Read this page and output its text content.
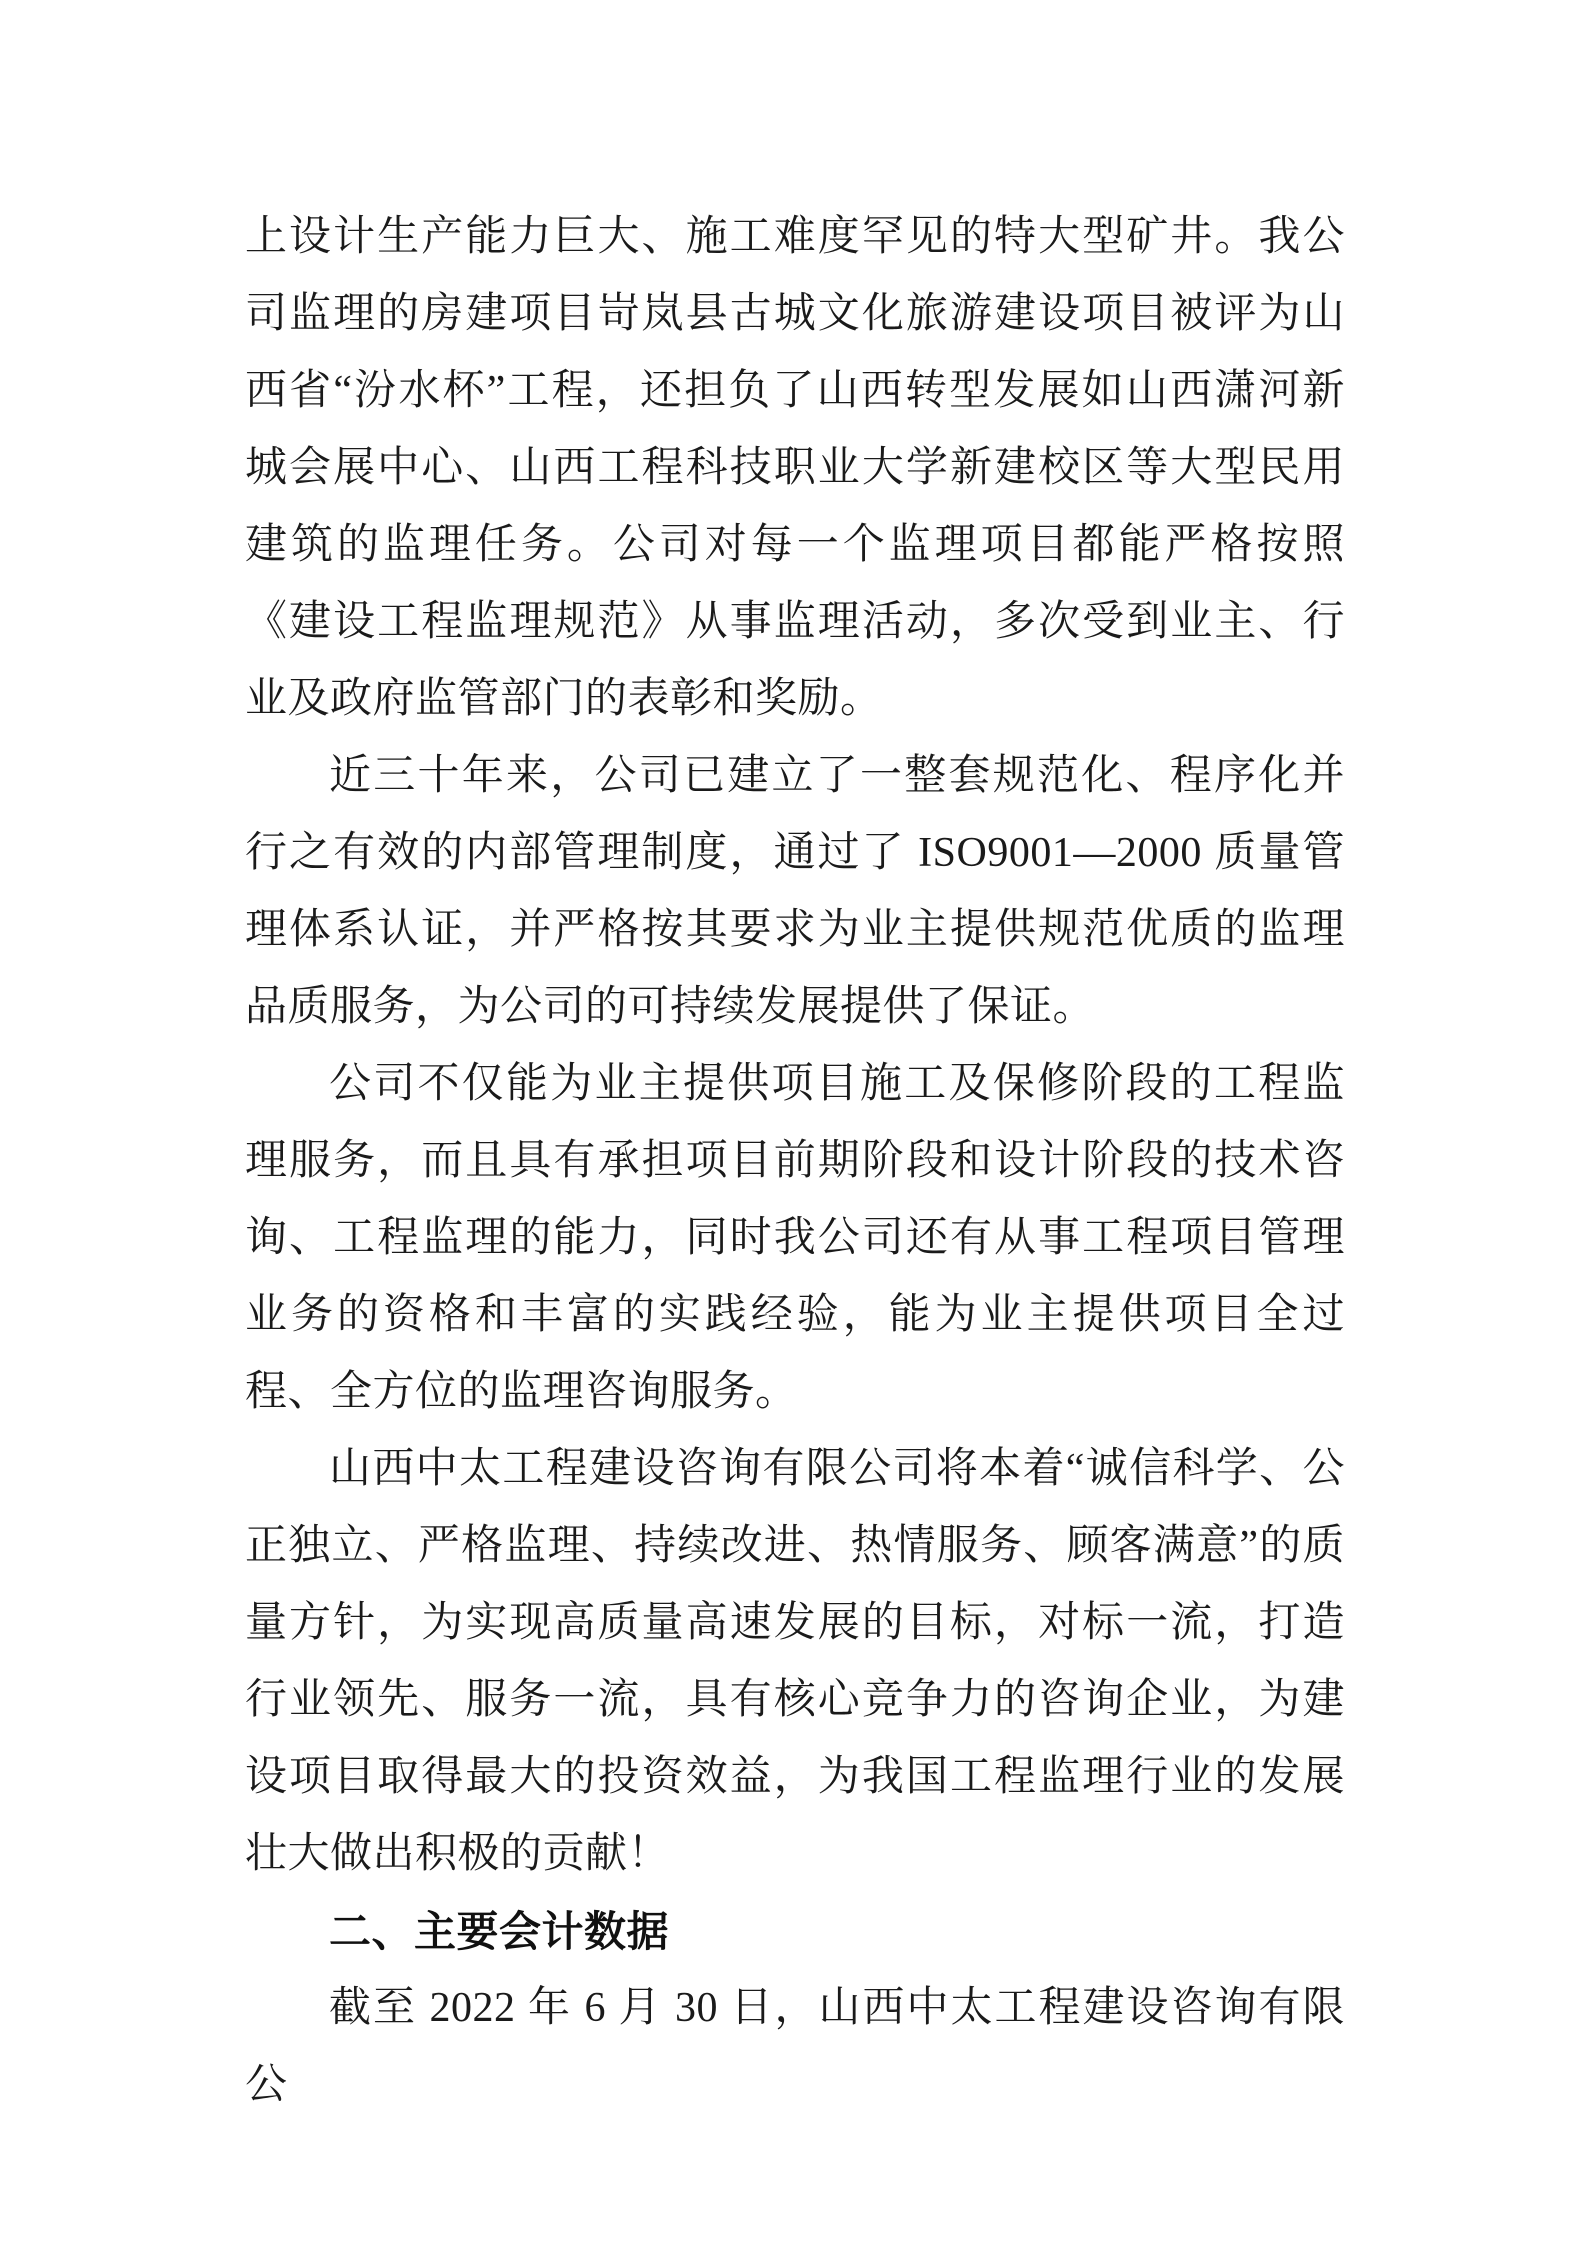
上设计生产能力巨大、施工难度罕见的特大型矿井。我公司监理的房建项目岢岚县古城文化旅游建设项目被评为山西省“汾水杯”工程，还担负了山西转型发展如山西潇河新城会展中心、山西工程科技职业大学新建校区等大型民用建筑的监理任务。公司对每一个监理项目都能严格按照《建设工程监理规范》从事监理活动，多次受到业主、行业及政府监管部门的表彰和奖励。

近三十年来，公司已建立了一整套规范化、程序化并行之有效的内部管理制度，通过了 ISO9001—2000 质量管理体系认证，并严格按其要求为业主提供规范优质的监理品质服务，为公司的可持续发展提供了保证。

公司不仅能为业主提供项目施工及保修阶段的工程监理服务，而且具有承担项目前期阶段和设计阶段的技术咨询、工程监理的能力，同时我公司还有从事工程项目管理业务的资格和丰富的实践经验，能为业主提供项目全过程、全方位的监理咨询服务。

山西中太工程建设咨询有限公司将本着“诚信科学、公正独立、严格监理、持续改进、热情服务、顾客满意”的质量方针，为实现高质量高速发展的目标，对标一流，打造行业领先、服务一流，具有核心竞争力的咨询企业，为建设项目取得最大的投资效益，为我国工程监理行业的发展壮大做出积极的贡献！

二、主要会计数据

截至 2022 年 6 月 30 日，山西中太工程建设咨询有限公
